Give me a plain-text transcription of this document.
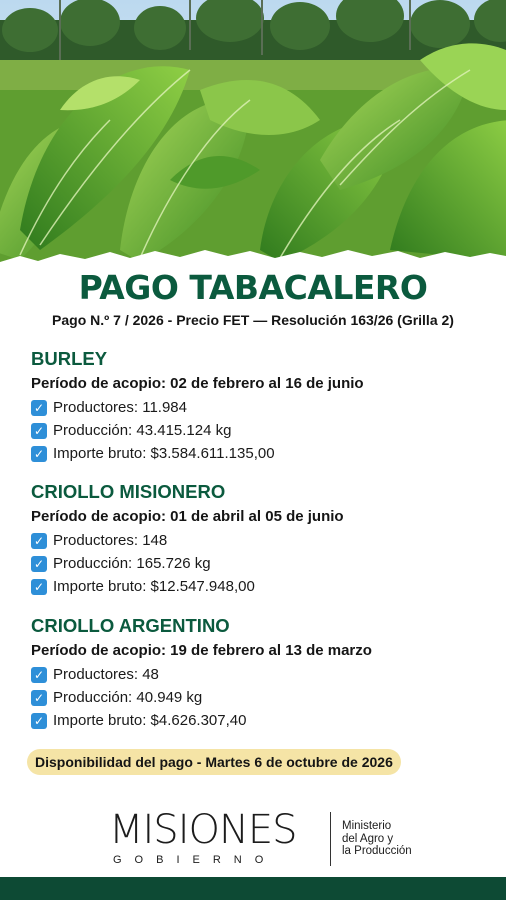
PAGO TABACALERO
Pago N.º 7 / 2026 - Precio FET — Resolución 163/26 (Grilla 2)
BURLEY
Período de acopio: 02 de febrero al 16 de junio
✓ Productores: 11.984
✓ Producción: 43.415.124 kg
✓ Importe bruto: $3.584.611.135,00
CRIOLLO MISIONERO
Período de acopio: 01 de abril al 05 de junio
✓ Productores: 148
✓ Producción: 165.726 kg
✓ Importe bruto: $12.547.948,00
CRIOLLO ARGENTINO
Período de acopio: 19 de febrero al 13 de marzo
✓ Productores: 48
✓ Producción: 40.949 kg
✓ Importe bruto: $4.626.307,40
Disponibilidad del pago - Martes 6 de octubre de 2026
MISIONES
GOBIERNO
Ministerio
del Agro y
la Producción
